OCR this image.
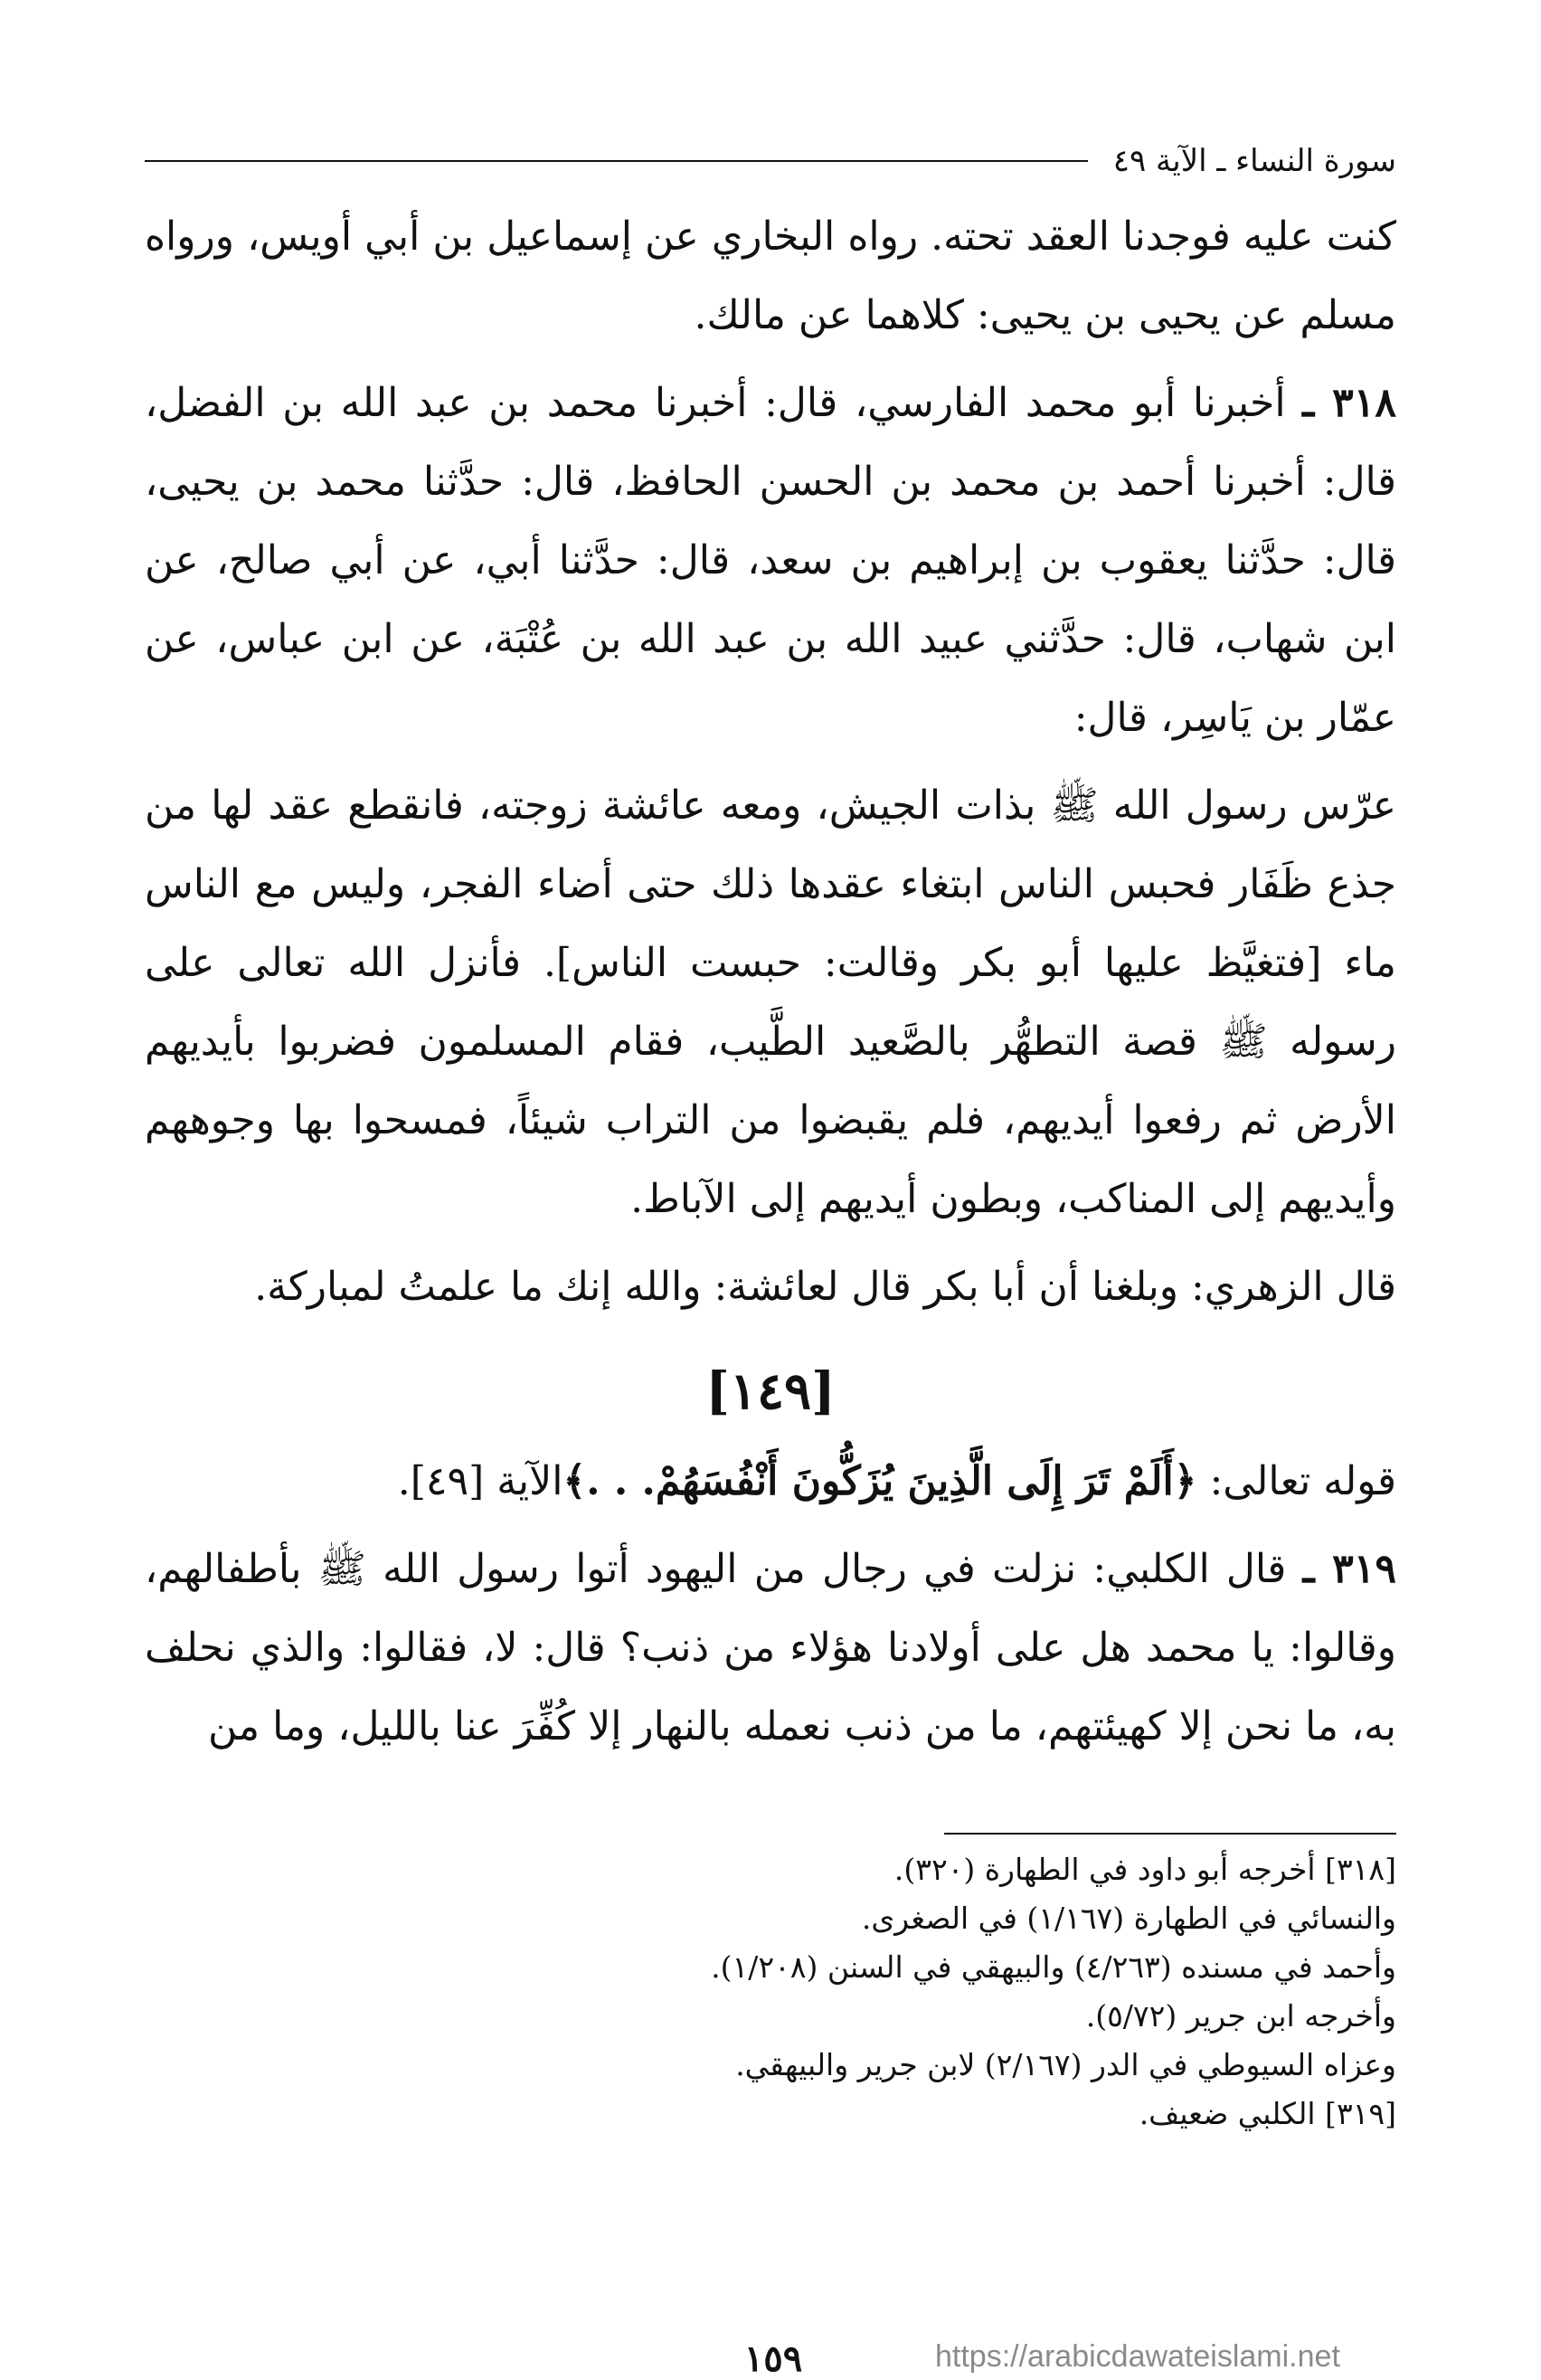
سورة النساء ـ الآية ٤٩

كنت عليه فوجدنا العقد تحته. رواه البخاري عن إسماعيل بن أبي أويس، ورواه مسلم عن يحيى بن يحيى: كلاهما عن مالك.

٣١٨ ـ أخبرنا أبو محمد الفارسي، قال: أخبرنا محمد بن عبد الله بن الفضل، قال: أخبرنا أحمد بن محمد بن الحسن الحافظ، قال: حدَّثنا محمد بن يحيى، قال: حدَّثنا يعقوب بن إبراهيم بن سعد، قال: حدَّثنا أبي، عن أبي صالح، عن ابن شهاب، قال: حدَّثني عبيد الله بن عبد الله بن عُتْبَة، عن ابن عباس، عن عمّار بن يَاسِر، قال:

عرّس رسول الله ﷺ بذات الجيش، ومعه عائشة زوجته، فانقطع عقد لها من جذع ظَفَار فحبس الناس ابتغاء عقدها ذلك حتى أضاء الفجر، وليس مع الناس ماء [فتغيَّظ عليها أبو بكر وقالت: حبست الناس]. فأنزل الله تعالى على رسوله ﷺ قصة التطهُّر بالصَّعيد الطَّيب، فقام المسلمون فضربوا بأيديهم الأرض ثم رفعوا أيديهم، فلم يقبضوا من التراب شيئاً، فمسحوا بها وجوههم وأيديهم إلى المناكب، وبطون أيديهم إلى الآباط.

قال الزهري: وبلغنا أن أبا بكر قال لعائشة: والله إنك ما علمتُ لمباركة.

[١٤٩]

قوله تعالى: ﴿أَلَمْ تَرَ إِلَى الَّذِينَ يُزَكُّونَ أَنْفُسَهُمْ. . .﴾الآية [٤٩].

٣١٩ ـ قال الكلبي: نزلت في رجال من اليهود أتوا رسول الله ﷺ بأطفالهم، وقالوا: يا محمد هل على أولادنا هؤلاء من ذنب؟ قال: لا، فقالوا: والذي نحلف به، ما نحن إلا كهيئتهم، ما من ذنب نعمله بالنهار إلا كُفِّرَ عنا بالليل، وما من

[٣١٨] أخرجه أبو داود في الطهارة (٣٢٠).

والنسائي في الطهارة (١/١٦٧) في الصغرى.

وأحمد في مسنده (٤/٢٦٣) والبيهقي في السنن (١/٢٠٨).

وأخرجه ابن جرير (٥/٧٢).

وعزاه السيوطي في الدر (٢/١٦٧) لابن جرير والبيهقي.

[٣١٩] الكلبي ضعيف.

١٥٩	https://arabicdawateislami.net
